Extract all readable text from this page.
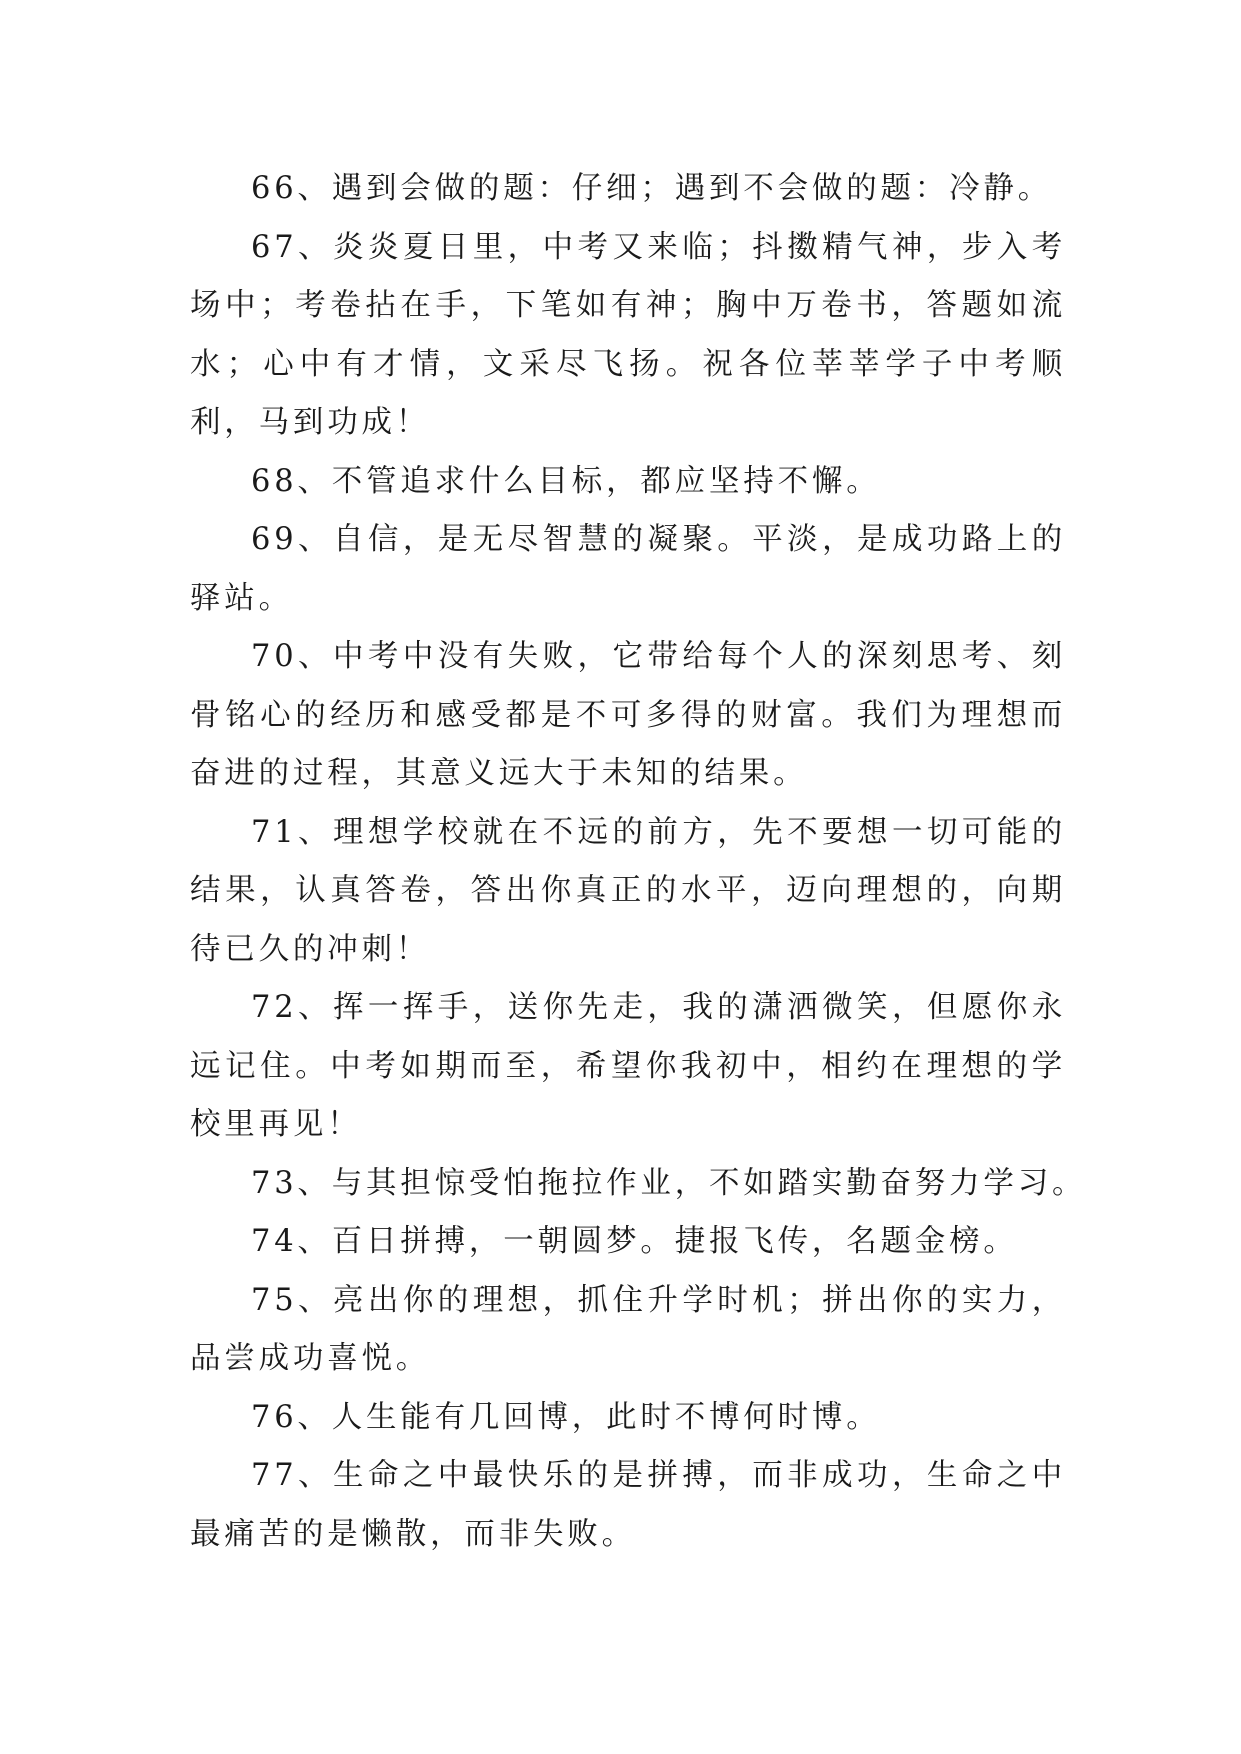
66、遇到会做的题：仔细；遇到不会做的题：冷静。

67、炎炎夏日里，中考又来临；抖擞精气神，步入考场中；考卷拈在手，下笔如有神；胸中万卷书，答题如流水；心中有才情，文采尽飞扬。祝各位莘莘学子中考顺利，马到功成！

68、不管追求什么目标，都应坚持不懈。

69、自信，是无尽智慧的凝聚。平淡，是成功路上的驿站。

70、中考中没有失败，它带给每个人的深刻思考、刻骨铭心的经历和感受都是不可多得的财富。我们为理想而奋进的过程，其意义远大于未知的结果。

71、理想学校就在不远的前方，先不要想一切可能的结果，认真答卷，答出你真正的水平，迈向理想的，向期待已久的冲刺！

72、挥一挥手，送你先走，我的潇洒微笑，但愿你永远记住。中考如期而至，希望你我初中，相约在理想的学校里再见！

73、与其担惊受怕拖拉作业，不如踏实勤奋努力学习。

74、百日拼搏，一朝圆梦。捷报飞传，名题金榜。

75、亮出你的理想，抓住升学时机；拼出你的实力，品尝成功喜悦。

76、人生能有几回博，此时不博何时博。

77、生命之中最快乐的是拼搏，而非成功，生命之中最痛苦的是懒散，而非失败。
